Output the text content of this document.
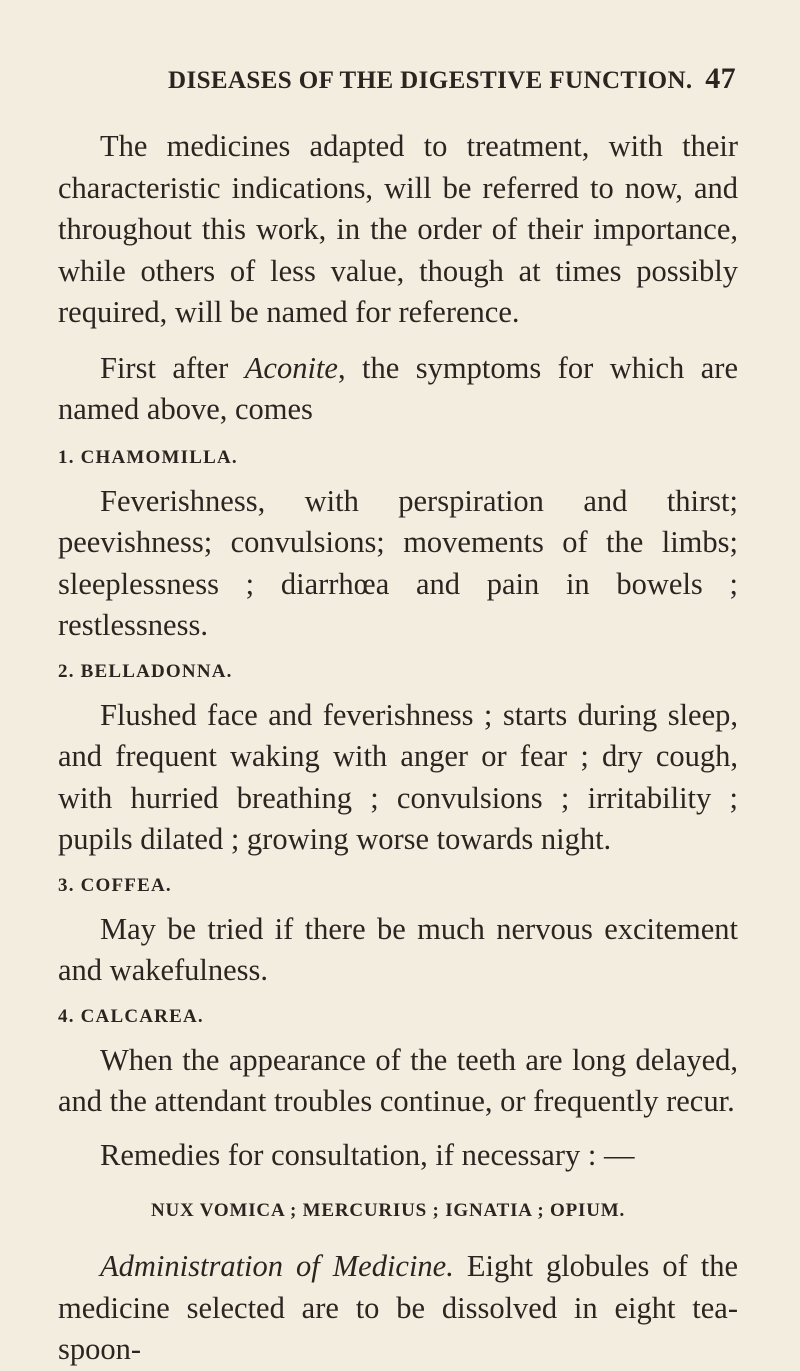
DISEASES OF THE DIGESTIVE FUNCTION. 47

The medicines adapted to treatment, with their characteristic indications, will be referred to now, and throughout this work, in the order of their importance, while others of less value, though at times possibly required, will be named for reference.

First after Aconite, the symptoms for which are named above, comes

1. CHAMOMILLA.

Feverishness, with perspiration and thirst; peevishness; convulsions; movements of the limbs; sleeplessness ; diarrhœa and pain in bowels ; restlessness.

2. BELLADONNA.

Flushed face and feverishness ; starts during sleep, and frequent waking with anger or fear ; dry cough, with hurried breathing ; convulsions ; irritability ; pupils dilated ; growing worse towards night.

3. COFFEA.

May be tried if there be much nervous excitement and wakefulness.

4. CALCAREA.

When the appearance of the teeth are long delayed, and the attendant troubles continue, or frequently recur.

Remedies for consultation, if necessary : —

NUX VOMICA ; MERCURIUS ; IGNATIA ; OPIUM.

Administration of Medicine. Eight globules of the medicine selected are to be dissolved in eight tea-spoon-
